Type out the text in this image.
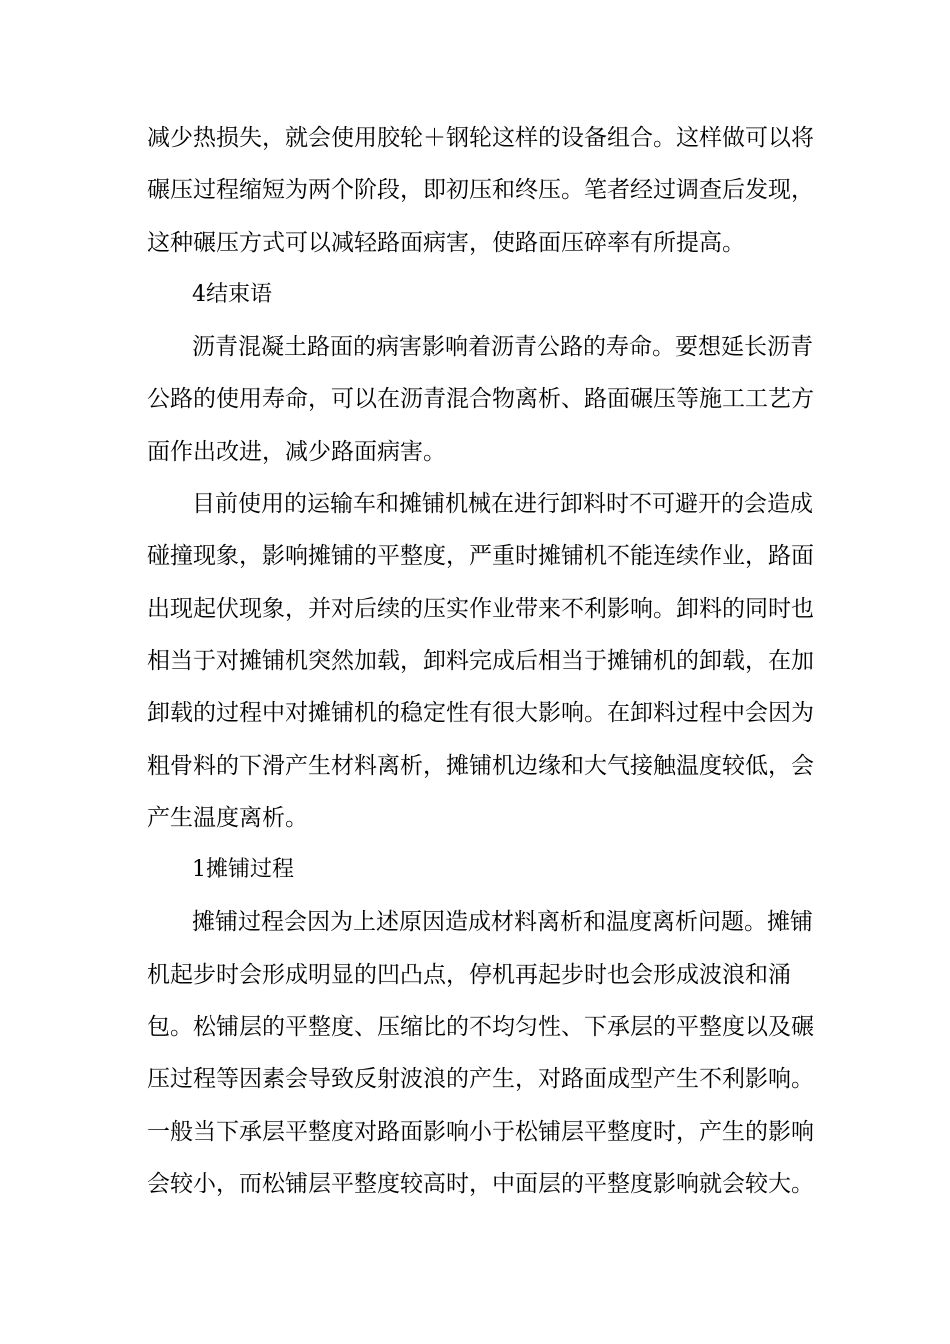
减少热损失，就会使用胶轮＋钢轮这样的设备组合。这样做可以将
碾压过程缩短为两个阶段，即初压和终压。笔者经过调查后发现，
这种碾压方式可以减轻路面病害，使路面压碎率有所提高。
4结束语
沥青混凝土路面的病害影响着沥青公路的寿命。要想延长沥青
公路的使用寿命，可以在沥青混合物离析、路面碾压等施工工艺方
面作出改进，减少路面病害。
目前使用的运输车和摊铺机械在进行卸料时不可避开的会造成
碰撞现象，影响摊铺的平整度，严重时摊铺机不能连续作业，路面
出现起伏现象，并对后续的压实作业带来不利影响。卸料的同时也
相当于对摊铺机突然加载，卸料完成后相当于摊铺机的卸载，在加
卸载的过程中对摊铺机的稳定性有很大影响。在卸料过程中会因为
粗骨料的下滑产生材料离析，摊铺机边缘和大气接触温度较低，会
产生温度离析。
1摊铺过程
摊铺过程会因为上述原因造成材料离析和温度离析问题。摊铺
机起步时会形成明显的凹凸点，停机再起步时也会形成波浪和涌
包。松铺层的平整度、压缩比的不均匀性、下承层的平整度以及碾
压过程等因素会导致反射波浪的产生，对路面成型产生不利影响。
一般当下承层平整度对路面影响小于松铺层平整度时，产生的影响
会较小，而松铺层平整度较高时，中面层的平整度影响就会较大。
